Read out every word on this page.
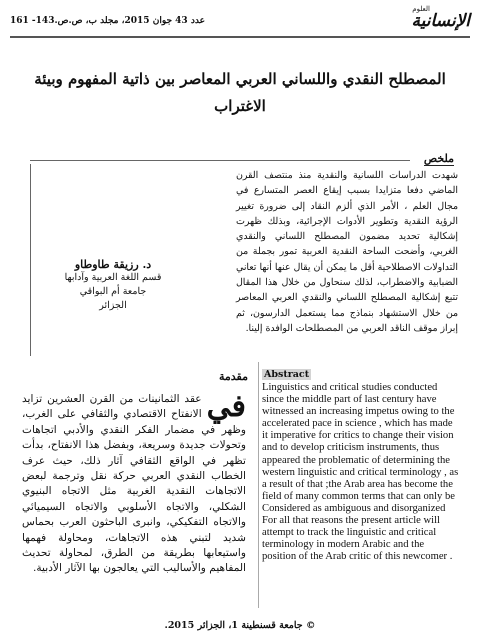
عدد 43 جوان 2015، مجلد ب، ص.ص.143- 161
العلوم
الإنسانية
المصطلح النقدي واللساني العربي المعاصر بين ذاتية المفهوم وبيئة الاغتراب
ملخص
شهدت الدراسات اللسانية والنقدية منذ منتصف القرن الماضي دفعا متزايدا بسبب إيقاع العصر المتسارع في مجال العلم ، الأمر الذي ألزم النقاد إلى ضرورة تغيير الرؤية النقدية وتطوير الأدوات الإجرائية، وبذلك ظهرت إشكالية تحديد مضمون المصطلح اللساني والنقدي الغربي، وأضحت الساحة النقدية العربية تمور بجملة من التداولات الاصطلاحية أقل ما يمكن أن يقال عنها أنها تعاني الضبابية والاضطراب، لذلك سنحاول من خلال هذا المقال تتبع إشكالية المصطلح اللساني والنقدي العربي المعاصر من خلال الاستشهاد بنماذج مما يستعمل الدارسون، ثم إبراز موقف الناقد العربي من المصطلحات الوافدة إلينا.
د. رزيقة طاوطاو
قسم اللغة العربية وآدابها
جامعة أم البواقي
الجزائر
Abstract
Linguistics and critical studies conducted since the middle part of last century have witnessed an increasing impetus owing to the accelerated pace in science , which has made it imperative for critics to change their vision and to develop criticism instruments, thus appeared the problematic of determining the western linguistic and critical terminology , as a result of that ;the Arab area has become the field of many common terms that can only be Considered as ambiguous and disorganized For all that reasons the present article will attempt to track the linguistic and critical terminology in modern Arabic and the position of the Arab critic of this newcomer .
مقدمة
في
عقد الثمانينات من القرن العشرين تزايد الانفتاح الاقتصادي والثقافي على الغرب، وظهر في مضمار الفكر النقدي والأدبي اتجاهات وتحولات جديدة وسريعة، وبفضل هذا الانفتاح، بدأت تظهر في الواقع الثقافي آثار ذلك، حيث عرف الخطاب النقدي العربي حركة نقل وترجمة لبعض الاتجاهات النقدية الغربية مثل الاتجاه البنيوي الشكلي، والاتجاه الأسلوبي والاتجاه السيميائي والاتجاه التفكيكي، وانبرى الباحثون العرب بحماس شديد لتبني هذه الاتجاهات، ومحاولة فهمها واستيعابها بطريقة من الطرق، لمحاولة تحديث المفاهيم والأساليب التي يعالجون بها الآثار الأدبية.
© جامعة قسنطينة 1، الجزائر 2015.
